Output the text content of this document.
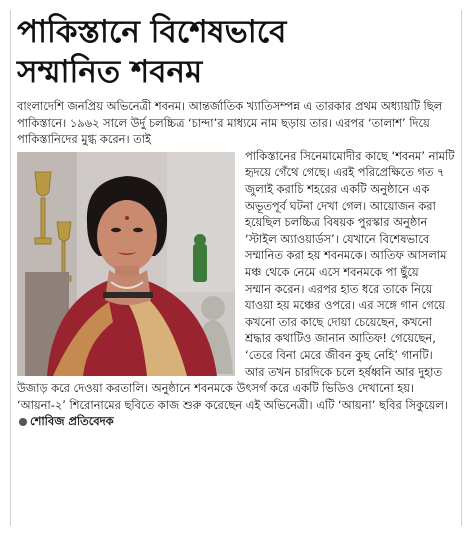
পাকিস্তানে বিশেষভাবে
সম্মানিত শবনম

বাংলাদেশি জনপ্রিয় অভিনেত্রী শবনম। আন্তর্জাতিক খ্যাতিসম্পন্ন এ তারকার প্রথম অধ্যায়টি ছিল পাকিস্তানে। ১৯৬২ সালে উর্দু চলচ্চিত্র ‘চান্দা’র মাধ্যমে নাম ছড়ায় তার। এরপর ‘তালাশ’ দিয়ে পাকিস্তানিদের মুগ্ধ করেন। তাই

পাকিস্তানের সিনেমামোদীর কাছে ‘শবনম’ নামটি হৃদয়ে গেঁথে গেছে। এরই পরিপ্রেক্ষিতে গত ৭ জুলাই করাচি শহরের একটি অনুষ্ঠানে এক অভূতপূর্ব ঘটনা দেখা গেল। আয়োজন করা হয়েছিল চলচ্চিত্র বিষয়ক পুরস্কার অনুষ্ঠান ‘স্টাইল অ্যাওয়ার্ডস’। যেখানে বিশেষভাবে সম্মানিত করা হয় শবনমকে। আতিফ আসলাম মঞ্চ থেকে নেমে এসে শবনমকে পা ছুঁয়ে

সম্মান করেন। এরপর হাত ধরে তাকে নিয়ে যাওয়া হয় মঞ্চের ওপরে। এর সঙ্গে গান গেয়ে কখনো তার কাছে দোয়া চেয়েছেন, কখনো শ্রদ্ধার কথাটিও জানান আতিফ! গেয়েছেন, ‘তেরে বিনা মেরে জীবন কুছ নেহি’ গানটি। আর তখন চারদিকে চলে হর্ষধ্বনি আর দুহাত উজাড় করে দেওয়া করতালি। অনুষ্ঠানে শবনমকে উৎসর্গ করে একটি ভিডিও দেখানো হয়। ‘আয়না-২’ শিরোনামের ছবিতে কাজ শুরু করেছেন এই অভিনেত্রী। এটি ‘আয়না’ ছবির সিকুয়েল। শোবিজ প্রতিবেদক
